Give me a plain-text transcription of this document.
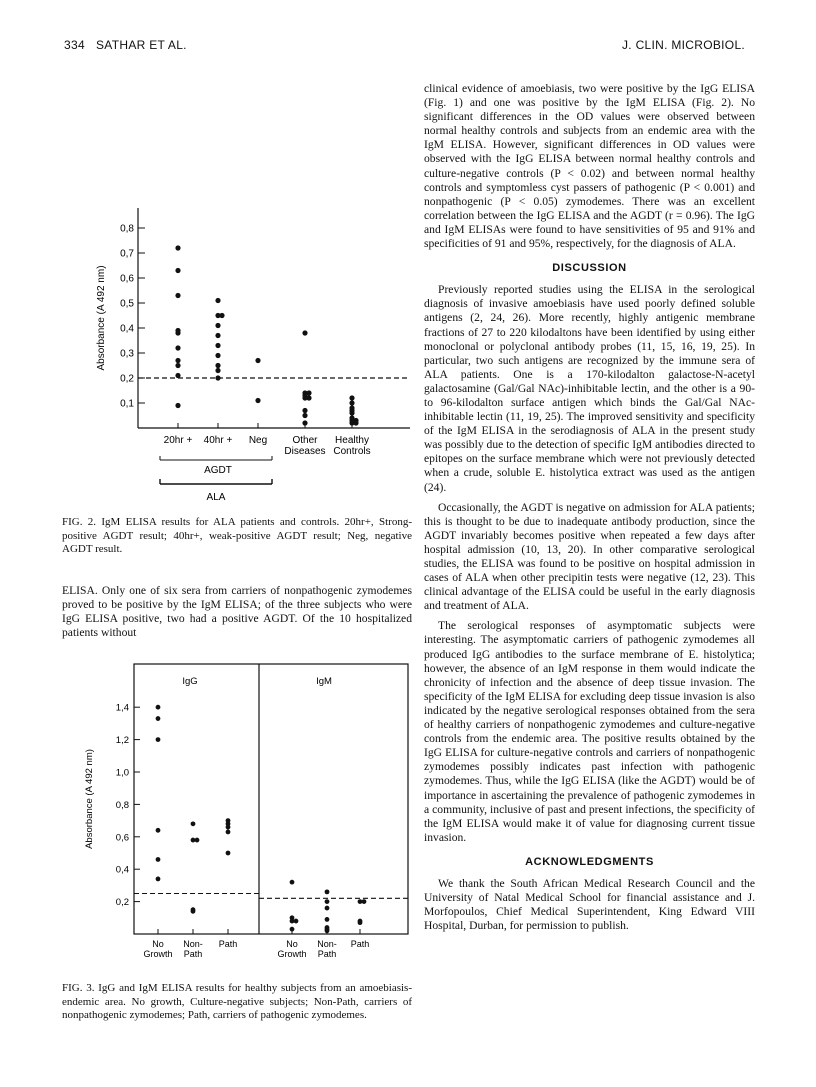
334 SATHAR ET AL.	J. CLIN. MICROBIOL.
0,1
0,2
0,3
0,4
0,5
0,6
0,7
0,8
Absorbance (A 492 nm)
20hr + 40hr + Neg	Other
Diseases
Healthy
Controls
AGDT
ALA
FIG. 2. IgM ELISA results for ALA patients and controls. 20hr+, Strong-positive AGDT result; 40hr+, weak-positive AGDT result; Neg, negative AGDT result.

ELISA. Only one of six sera from carriers of nonpathogenic zymodemes proved to be positive by the IgM ELISA; of the three subjects who were IgG ELISA positive, two had a positive AGDT. Of the 10 hospitalized patients without

0,2
0,4
0,6
0,8
1,0
1,2
1,4
Absorbance (A 492 nm)
IgG
No
Growth
Non-
Path
Path
IgM
No
Growth
Non-
Path
Path
FIG. 3. IgG and IgM ELISA results for healthy subjects from an amoebiasis-endemic area. No growth, Culture-negative subjects; Non-Path, carriers of nonpathogenic zymodemes; Path, carriers of pathogenic zymodemes.

clinical evidence of amoebiasis, two were positive by the IgG ELISA (Fig. 1) and one was positive by the IgM ELISA (Fig. 2). No significant differences in the OD values were observed between normal healthy controls and subjects from an endemic area with the IgM ELISA. However, significant differences in OD values were observed with the IgG ELISA between normal healthy controls and culture-negative controls (P < 0.02) and between normal healthy controls and symptomless cyst passers of pathogenic (P < 0.001) and nonpathogenic (P < 0.05) zymodemes. There was an excellent correlation between the IgG ELISA and the AGDT (r = 0.96). The IgG and IgM ELISAs were found to have sensitivities of 95 and 91% and specificities of 91 and 95%, respectively, for the diagnosis of ALA.

DISCUSSION

Previously reported studies using the ELISA in the serological diagnosis of invasive amoebiasis have used poorly defined soluble antigens (2, 24, 26). More recently, highly antigenic membrane fractions of 27 to 220 kilodaltons have been identified by using either monoclonal or polyclonal antibody probes (11, 15, 16, 19, 25). In particular, two such antigens are recognized by the immune sera of ALA patients. One is a 170-kilodalton galactose-N-acetyl galactosamine (Gal/Gal NAc)-inhibitable lectin, and the other is a 90- to 96-kilodalton surface antigen which binds the Gal/Gal NAc-inhibitable lectin (11, 19, 25). The improved sensitivity and specificity of the IgM ELISA in the serodiagnosis of ALA in the present study was possibly due to the detection of specific IgM antibodies directed to epitopes on the surface membrane which were not previously detected when a crude, soluble E. histolytica extract was used as the antigen (24).

Occasionally, the AGDT is negative on admission for ALA patients; this is thought to be due to inadequate antibody production, since the AGDT invariably becomes positive when repeated a few days after hospital admission (10, 13, 20). In other comparative serological studies, the ELISA was found to be positive on hospital admission in cases of ALA when other precipitin tests were negative (12, 23). This clinical advantage of the ELISA could be useful in the early diagnosis and treatment of ALA.

The serological responses of asymptomatic subjects were interesting. The asymptomatic carriers of pathogenic zymodemes all produced IgG antibodies to the surface membrane of E. histolytica; however, the absence of an IgM response in them would indicate the chronicity of infection and the absence of deep tissue invasion. The specificity of the IgM ELISA for excluding deep tissue invasion is also indicated by the negative serological responses obtained from the sera of healthy carriers of nonpathogenic zymodemes and culture-negative controls from the endemic area. The positive results obtained by the IgG ELISA for culture-negative controls and carriers of nonpathogenic zymodemes possibly indicates past infection with pathogenic zymodemes. Thus, while the IgG ELISA (like the AGDT) would be of importance in ascertaining the prevalence of pathogenic zymodemes in a community, inclusive of past and present infections, the specificity of the IgM ELISA would make it of value for diagnosing current tissue invasion.

ACKNOWLEDGMENTS

We thank the South African Medical Research Council and the University of Natal Medical School for financial assistance and J. Morfopoulos, Chief Medical Superintendent, King Edward VIII Hospital, Durban, for permission to publish.
